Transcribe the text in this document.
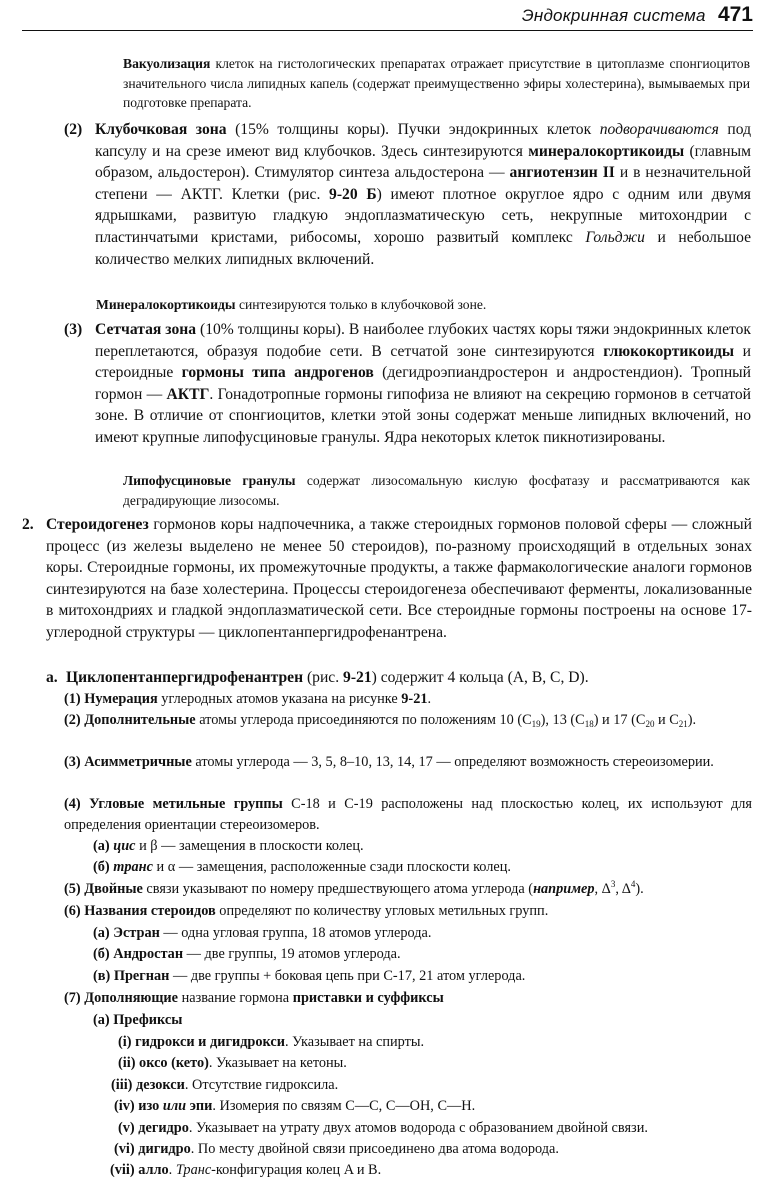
Эндокринная система 471

Вакуолизация клеток на гистологических препаратах отражает присутствие в цитоплазме спонгиоцитов значительного числа липидных капель (содержат преимущественно эфиры холестерина), вымываемых при подготовке препарата.

(2) Клубочковая зона (15% толщины коры). Пучки эндокринных клеток подворачиваются под капсулу и на срезе имеют вид клубочков. Здесь синтезируются минералокортикоиды (главным образом, альдостерон). Стимулятор синтеза альдостерона — ангиотензин II и в незначительной степени — АКТГ. Клетки (рис. 9-20 Б) имеют плотное округлое ядро с одним или двумя ядрышками, развитую гладкую эндоплазматическую сеть, некрупные митохондрии с пластинчатыми кристами, рибосомы, хорошо развитый комплекс Гольджи и небольшое количество мелких липидных включений.

Минералокортикоиды синтезируются только в клубочковой зоне.

(3) Сетчатая зона (10% толщины коры). В наиболее глубоких частях коры тяжи эндокринных клеток переплетаются, образуя подобие сети. В сетчатой зоне синтезируются глюкокортикоиды и стероидные гормоны типа андрогенов (дегидроэпиандростерон и андростендион). Тропный гормон — АКТГ. Гонадотропные гормоны гипофиза не влияют на секрецию гормонов в сетчатой зоне. В отличие от спонгиоцитов, клетки этой зоны содержат меньше липидных включений, но имеют крупные липофусциновые гранулы. Ядра некоторых клеток пикнотизированы.

Липофусциновые гранулы содержат лизосомальную кислую фосфатазу и рассматриваются как деградирующие лизосомы.

2. Стероидогенез гормонов коры надпочечника, а также стероидных гормонов половой сферы — сложный процесс (из железы выделено не менее 50 стероидов), по-разному происходящий в отдельных зонах коры. Стероидные гормоны, их промежуточные продукты, а также фармакологические аналоги гормонов синтезируются на базе холестерина. Процессы стероидогенеза обеспечивают ферменты, локализованные в митохондриях и гладкой эндоплазматической сети. Все стероидные гормоны построены на основе 17-углеродной структуры — циклопентанпергидрофенантрена.

а. Циклопентанпергидрофенантрен (рис. 9-21) содержит 4 кольца (A, B, C, D).

(1) Нумерация углеродных атомов указана на рисунке 9-21.
(2) Дополнительные атомы углерода присоединяются по положениям 10 $(C_{19})$, 13 $(C_{18})$ и 17 ($C_{20}$ и $C_{21}$).
(3) Асимметричные атомы углерода — 3, 5, 8–10, 13, 14, 17 — определяют возможность стереоизомерии.
(4) Угловые метильные группы C-18 и C-19 расположены над плоскостью колец, их используют для определения ориентации стереоизомеров.
(а) цис и β — замещения в плоскости колец.
(б) транс и α — замещения, расположенные сзади плоскости колец.
(5) Двойные связи указывают по номеру предшествующего атома углерода (например, $\Delta^3$, $\Delta^4$).
(6) Названия стероидов определяют по количеству угловых метильных групп.
(а) Эстран — одна угловая группа, 18 атомов углерода.
(б) Андростан — две группы, 19 атомов углерода.
(в) Прегнан — две группы + боковая цепь при C-17, 21 атом углерода.
(7) Дополняющие название гормона приставки и суффиксы
(а) Префиксы
(i) гидрокси и дигидрокси. Указывает на спирты.
(ii) оксо (кето). Указывает на кетоны.
(iii) дезокси. Отсутствие гидроксила.
(iv) изо или эпи. Изомерия по связям C—C, C—OH, C—H.
(v) дегидро. Указывает на утрату двух атомов водорода с образованием двойной связи.
(vi) дигидро. По месту двойной связи присоединено два атома водорода.
(vii) алло. Транс-конфигурация колец A и B.
